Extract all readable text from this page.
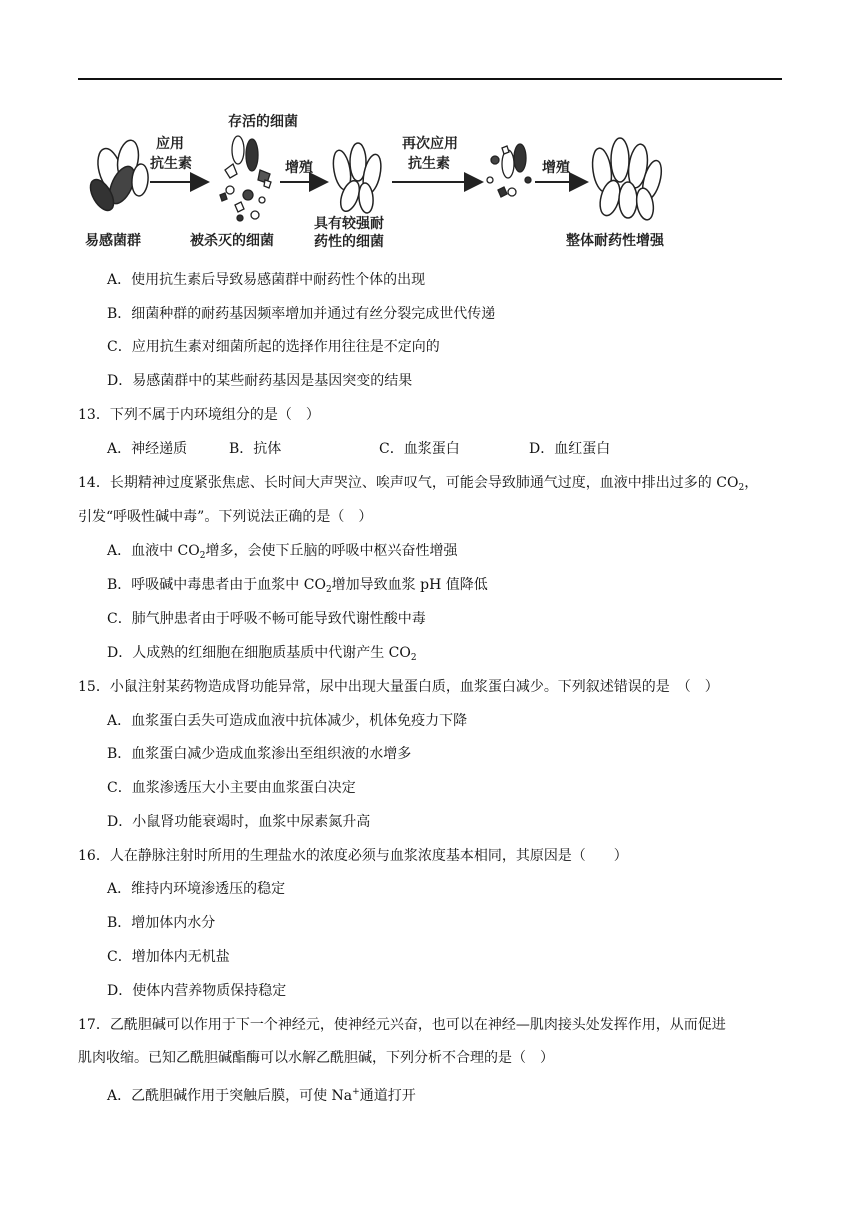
易感菌群
应用
抗生素
存活的细菌
被杀灭的细菌
增殖
具有较强耐
药性的细菌
再次应用
抗生素	增殖
整体耐药性增强
A．使用抗生素后导致易感菌群中耐药性个体的出现
B．细菌种群的耐药基因频率增加并通过有丝分裂完成世代传递
C．应用抗生素对细菌所起的选择作用往往是不定向的
D．易感菌群中的某些耐药基因是基因突变的结果
13．下列不属于内环境组分的是（　）
A．神经递质	B．抗体	C．血浆蛋白	D．血红蛋白
14．长期精神过度紧张焦虑、长时间大声哭泣、唉声叹气，可能会导致肺通气过度，血液中排出过多的 $CO_2$，
引发“呼吸性碱中毒”。下列说法正确的是（　）
A．血液中 $CO_2$增多，会使下丘脑的呼吸中枢兴奋性增强
B．呼吸碱中毒患者由于血浆中 $CO_2$增加导致血浆 pH 值降低
C．肺气肿患者由于呼吸不畅可能导致代谢性酸中毒
D．人成熟的红细胞在细胞质基质中代谢产生 $CO_2$
15．小鼠注射某药物造成肾功能异常，尿中出现大量蛋白质，血浆蛋白减少。下列叙述错误的是　（　）
A．血浆蛋白丢失可造成血液中抗体减少，机体免疫力下降
B．血浆蛋白减少造成血浆渗出至组织液的水增多
C．血浆渗透压大小主要由血浆蛋白决定
D．小鼠肾功能衰竭时，血浆中尿素氮升高
16．人在静脉注射时所用的生理盐水的浓度必须与血浆浓度基本相同，其原因是（　　）
A．维持内环境渗透压的稳定
B．增加体内水分
C．增加体内无机盐
D．使体内营养物质保持稳定
17．乙酰胆碱可以作用于下一个神经元，使神经元兴奋，也可以在神经—肌肉接头处发挥作用，从而促进
肌肉收缩。已知乙酰胆碱酯酶可以水解乙酰胆碱，下列分析不合理的是（　）
A．乙酰胆碱作用于突触后膜，可使 Na+通道打开
